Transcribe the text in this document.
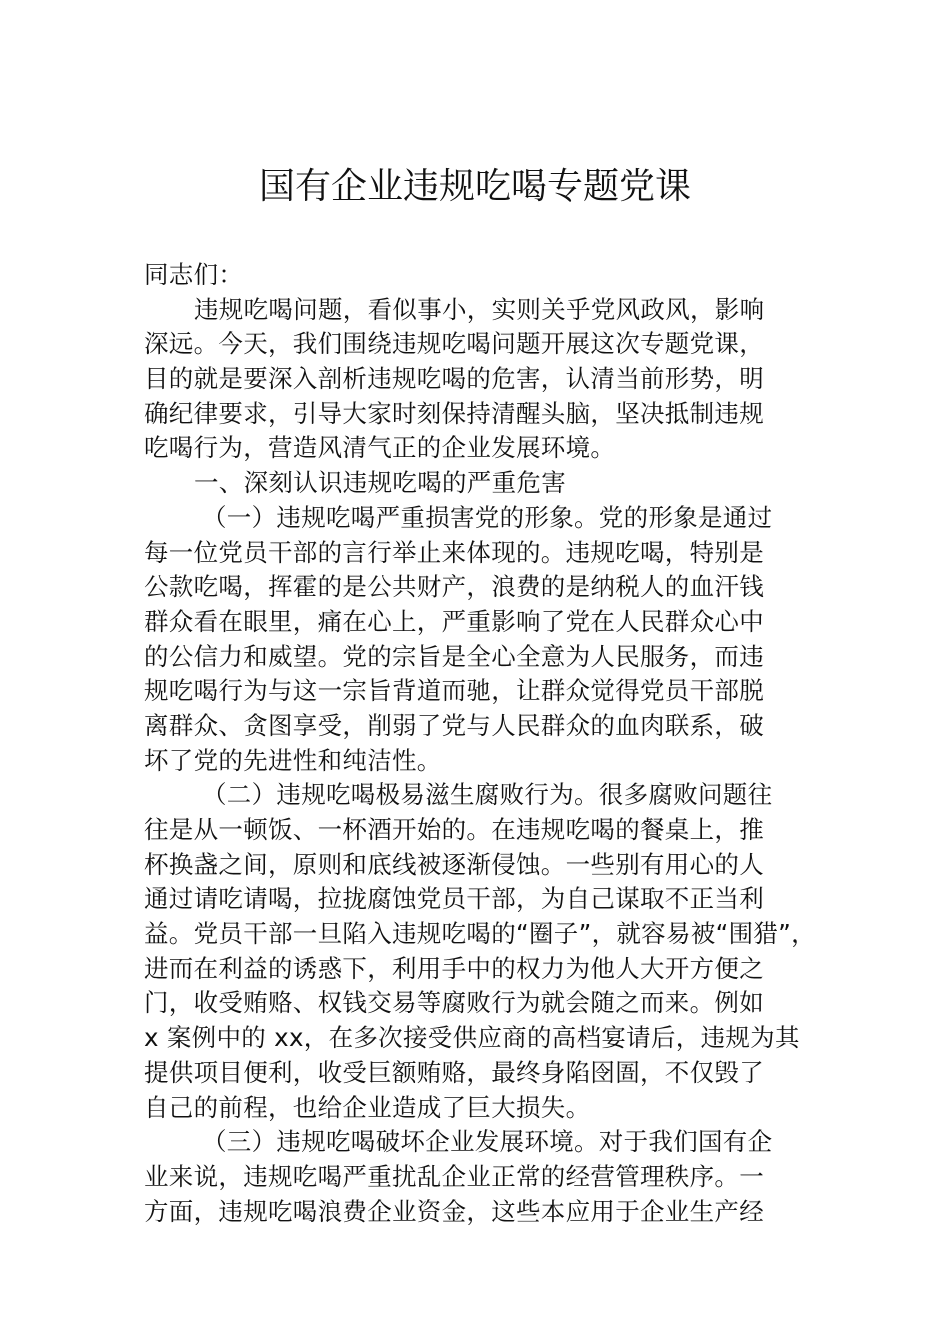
国有企业违规吃喝专题党课
同志们：
违规吃喝问题，看似事小，实则关乎党风政风，影响
深远。今天，我们围绕违规吃喝问题开展这次专题党课，
目的就是要深入剖析违规吃喝的危害，认清当前形势，明
确纪律要求，引导大家时刻保持清醒头脑，坚决抵制违规
吃喝行为，营造风清气正的企业发展环境。
一、深刻认识违规吃喝的严重危害
（一）违规吃喝严重损害党的形象。党的形象是通过
每一位党员干部的言行举止来体现的。违规吃喝，特别是
公款吃喝，挥霍的是公共财产，浪费的是纳税人的血汗钱
群众看在眼里，痛在心上，严重影响了党在人民群众心中
的公信力和威望。党的宗旨是全心全意为人民服务，而违
规吃喝行为与这一宗旨背道而驰，让群众觉得党员干部脱
离群众、贪图享受，削弱了党与人民群众的血肉联系，破
坏了党的先进性和纯洁性。
（二）违规吃喝极易滋生腐败行为。很多腐败问题往
往是从一顿饭、一杯酒开始的。在违规吃喝的餐桌上，推
杯换盏之间，原则和底线被逐渐侵蚀。一些别有用心的人
通过请吃请喝，拉拢腐蚀党员干部，为自己谋取不正当利
益。党员干部一旦陷入违规吃喝的“圈子”，就容易被“围猎”，
进而在利益的诱惑下，利用手中的权力为他人大开方便之
门，收受贿赂、权钱交易等腐败行为就会随之而来。例如
x 案例中的 xx，在多次接受供应商的高档宴请后，违规为其
提供项目便利，收受巨额贿赂，最终身陷囹圄，不仅毁了
自己的前程，也给企业造成了巨大损失。
（三）违规吃喝破坏企业发展环境。对于我们国有企
业来说，违规吃喝严重扰乱企业正常的经营管理秩序。一
方面，违规吃喝浪费企业资金，这些本应用于企业生产经
